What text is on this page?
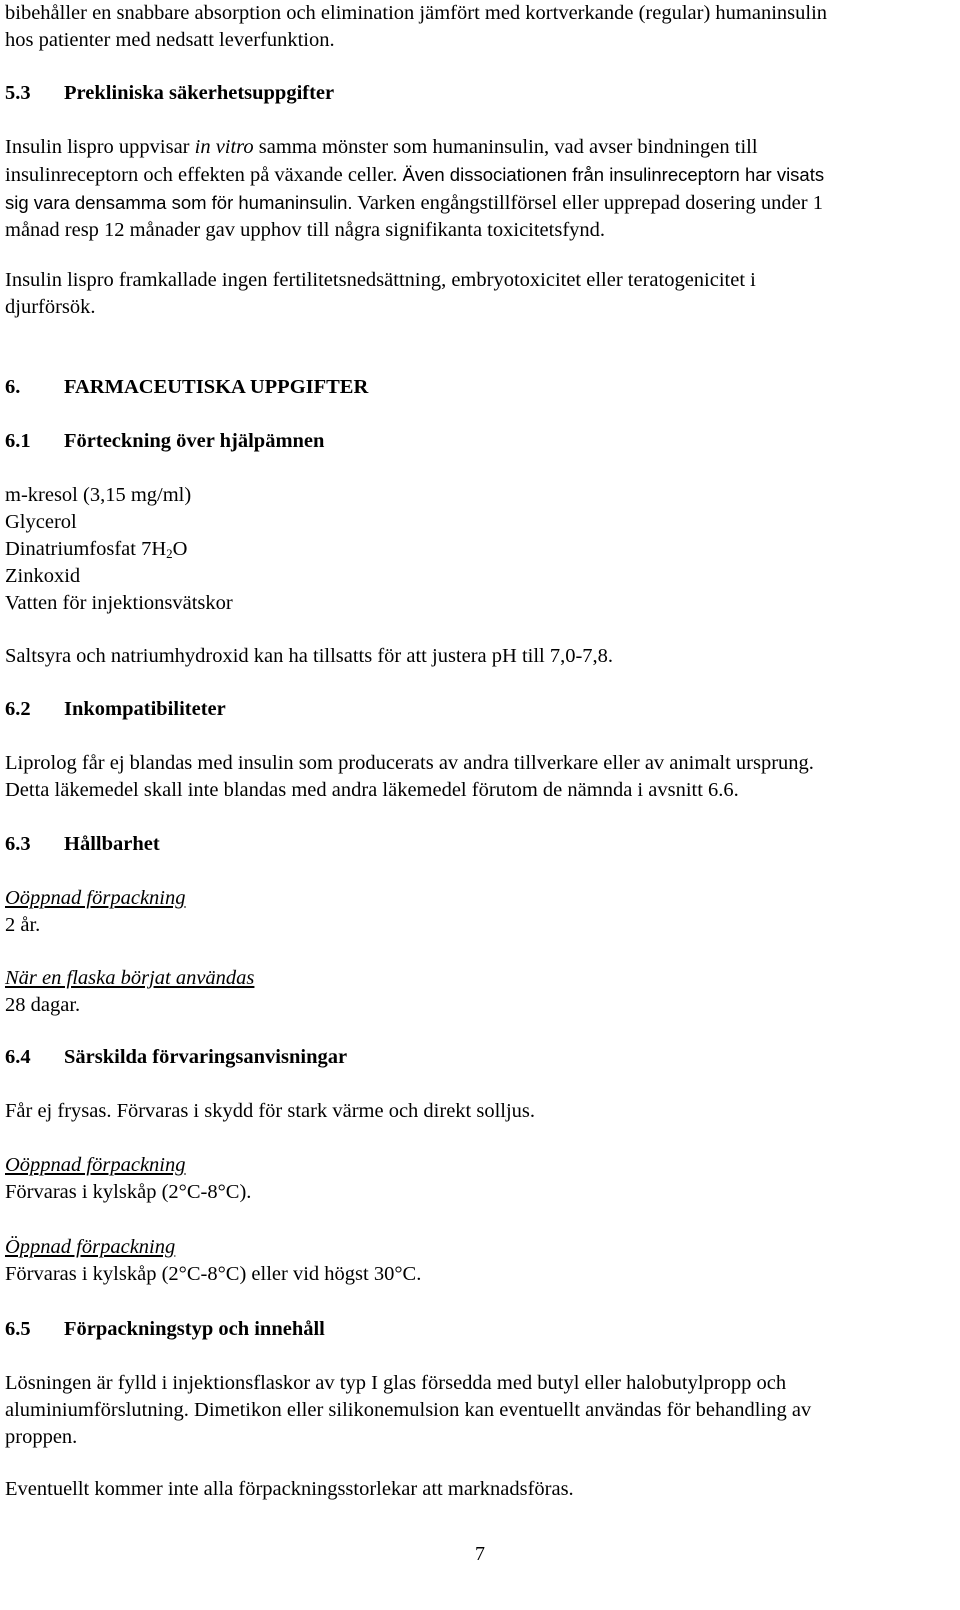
bibehåller en snabbare absorption och elimination jämfört med kortverkande (regular) humaninsulin
hos patienter med nedsatt leverfunktion.
5.3 Prekliniska säkerhetsuppgifter
Insulin lispro uppvisar in vitro samma mönster som humaninsulin, vad avser bindningen till
insulinreceptorn och effekten på växande celler. Även dissociationen från insulinreceptorn har visats
sig vara densamma som för humaninsulin. Varken engångstillförsel eller upprepad dosering under 1
månad resp 12 månader gav upphov till några signifikanta toxicitetsfynd.
Insulin lispro framkallade ingen fertilitetsnedsättning, embryotoxicitet eller teratogenicitet i
djurförsök.
6. FARMACEUTISKA UPPGIFTER
6.1 Förteckning över hjälpämnen
m-kresol (3,15 mg/ml)
Glycerol
Dinatriumfosfat $7H_2O$
Zinkoxid
Vatten för injektionsvätskor
Saltsyra och natriumhydroxid kan ha tillsatts för att justera pH till 7,0-7,8.
6.2 Inkompatibiliteter
Liprolog får ej blandas med insulin som producerats av andra tillverkare eller av animalt ursprung.
Detta läkemedel skall inte blandas med andra läkemedel förutom de nämnda i avsnitt 6.6.
6.3 Hållbarhet
Oöppnad förpackning
2 år.
När en flaska börjat användas
28 dagar.
6.4 Särskilda förvaringsanvisningar
Får ej frysas. Förvaras i skydd för stark värme och direkt solljus.
Oöppnad förpackning
Förvaras i kylskåp (2°C-8°C).
Öppnad förpackning
Förvaras i kylskåp (2°C-8°C) eller vid högst 30°C.
6.5 Förpackningstyp och innehåll
Lösningen är fylld i injektionsflaskor av typ I glas försedda med butyl eller halobutylpropp och
aluminiumförslutning. Dimetikon eller silikonemulsion kan eventuellt användas för behandling av
proppen.
Eventuellt kommer inte alla förpackningsstorlekar att marknadsföras.
7
